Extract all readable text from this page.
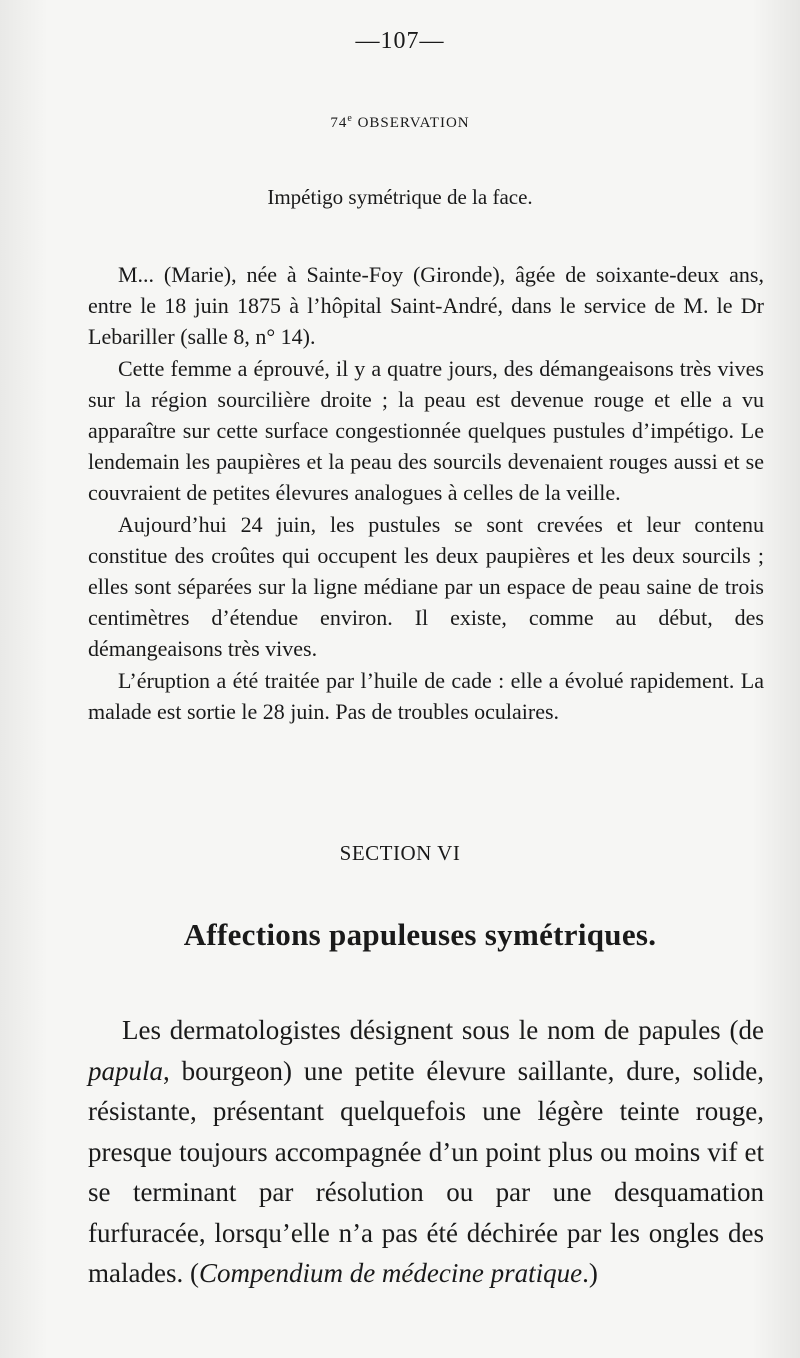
—107—
74e OBSERVATION
Impétigo symétrique de la face.

M... (Marie), née à Sainte-Foy (Gironde), âgée de soixante-deux ans, entre le 18 juin 1875 à l’hôpital Saint-André, dans le service de M. le Dr Lebariller (salle 8, n° 14).

Cette femme a éprouvé, il y a quatre jours, des démangeaisons très vives sur la région sourcilière droite ; la peau est devenue rouge et elle a vu apparaître sur cette surface congestionnée quelques pustules d’impétigo. Le lendemain les paupières et la peau des sourcils devenaient rouges aussi et se couvraient de petites élevures analogues à celles de la veille.

Aujourd’hui 24 juin, les pustules se sont crevées et leur contenu constitue des croûtes qui occupent les deux paupières et les deux sourcils ; elles sont séparées sur la ligne médiane par un espace de peau saine de trois centimètres d’étendue environ. Il existe, comme au début, des démangeaisons très vives.

L’éruption a été traitée par l’huile de cade : elle a évolué rapidement. La malade est sortie le 28 juin. Pas de troubles oculaires.

SECTION VI
Affections papuleuses symétriques.

Les dermatologistes désignent sous le nom de papules (de papula, bourgeon) une petite élevure saillante, dure, solide, résistante, présentant quelquefois une légère teinte rouge, presque toujours accompagnée d’un point plus ou moins vif et se terminant par résolution ou par une desquamation furfuracée, lorsqu’elle n’a pas été déchirée par les ongles des malades. (Compendium de médecine pratique.)
